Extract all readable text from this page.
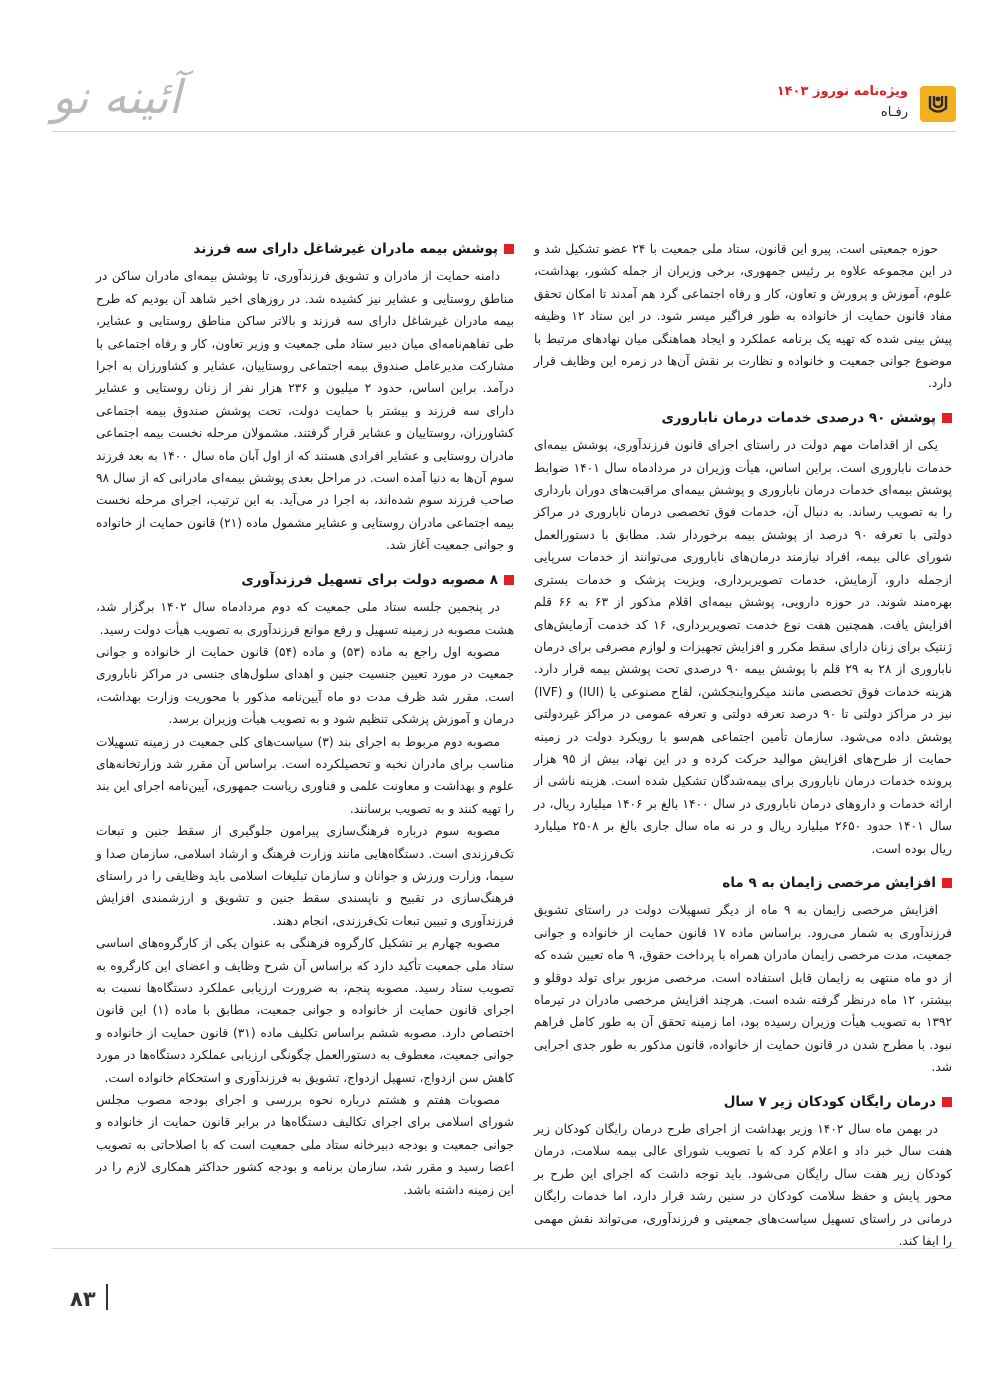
آئینه نو	ویژه‌نامه نوروز ۱۴۰۳
رفـاه

حوزه جمعیتی است. پیرو این قانون، ستاد ملی جمعیت با ۲۴ عضو تشکیل شد و در این مجموعه علاوه بر رئیس جمهوری، برخی وزیران از جمله کشور، بهداشت، علوم، آموزش و پرورش و تعاون، کار و رفاه اجتماعی گرد هم آمدند تا امکان تحقق مفاد قانون حمایت از خانواده به طور فراگیر میسر شود. در این ستاد ۱۲ وظیفه پیش بینی شده که تهیه یک برنامه عملکرد و ایجاد هماهنگی میان نهادهای مرتبط با موضوع جوانی جمعیت و خانواده و نظارت بر نقش آن‌ها در زمره این وظایف قرار دارد.

پوشش ۹۰ درصدی خدمات درمان ناباروری

یکی از اقدامات مهم دولت در راستای اجرای قانون فرزندآوری، پوشش بیمه‌ای خدمات ناباروری است. براین اساس، هیأت وزیران در مردادماه سال ۱۴۰۱ ضوابط پوشش بیمه‌ای خدمات درمان ناباروری و پوشش بیمه‌ای مراقبت‌های دوران بارداری را به تصویب رساند. به دنبال آن، خدمات فوق تخصصی درمان ناباروری در مراکز دولتی با تعرفه ۹۰ درصد از پوشش بیمه برخوردار شد. مطابق با دستورالعمل شورای عالی بیمه، افراد نیازمند درمان‌های ناباروری می‌توانند از خدمات سرپایی ازجمله دارو، آزمایش، خدمات تصویربرداری، ویزیت پزشک و خدمات بستری بهره‌مند شوند. در حوزه دارویی، پوشش بیمه‌ای اقلام مذکور از ۶۳ به ۶۶ قلم افزایش یافت. همچنین هفت نوع خدمت تصویربرداری، ۱۶ کد خدمت آزمایش‌های ژنتیک برای زنان دارای سقط مکرر و افزایش تجهیزات و لوازم مصرفی برای درمان ناباروری از ۲۸ به ۲۹ قلم با پوشش بیمه ۹۰ درصدی تحت پوشش بیمه قرار دارد. هزینه خدمات فوق تخصصی مانند میکرواینجکشن، لقاح مصنوعی یا (IUI) و (IVF) نیز در مراکز دولتی تا ۹۰ درصد تعرفه دولتی و تعرفه عمومی در مراکز غیردولتی پوشش داده می‌شود. سازمان تأمین اجتماعی هم‌سو با رویکرد دولت در زمینه حمایت از طرح‌های افزایش موالید حرکت کرده و در این نهاد، بیش از ۹۵ هزار پرونده خدمات درمان ناباروری برای بیمه‌شدگان تشکیل شده است. هزینه ناشی از ارائه خدمات و داروهای درمان ناباروری در سال ۱۴۰۰ بالغ بر ۱۴۰۶ میلیارد ریال، در سال ۱۴۰۱ حدود ۲۶۵۰ میلیارد ریال و در نه ماه سال جاری بالغ بر ۲۵۰۸ میلیارد ریال بوده است.

افزایش مرخصی زایمان به ۹ ماه

افزایش مرخصی زایمان به ۹ ماه از دیگر تسهیلات دولت در راستای تشویق فرزندآوری به شمار می‌رود. براساس ماده ۱۷ قانون حمایت از خانواده و جوانی جمعیت، مدت مرخصی زایمان مادران همراه با پرداخت حقوق، ۹ ماه تعیین شده که از دو ماه منتهی به زایمان قابل استفاده است. مرخصی مزبور برای تولد دوقلو و بیشتر، ۱۲ ماه درنظر گرفته شده است. هرچند افزایش مرخصی مادران در تیرماه ۱۳۹۲ به تصویب هیأت وزیران رسیده بود، اما زمینه تحقق آن به طور کامل فراهم نبود. با مطرح شدن در قانون حمایت از خانواده، قانون مذکور به طور جدی اجرایی شد.

درمان رایگان کودکان زیر ۷ سال

در بهمن ماه سال ۱۴۰۲ وزیر بهداشت از اجرای طرح درمان رایگان کودکان زیر هفت سال خبر داد و اعلام کرد که با تصویب شورای عالی بیمه سلامت، درمان کودکان زیر هفت سال رایگان می‌شود. باید توجه داشت که اجرای این طرح بر محور پایش و حفظ سلامت کودکان در سنین رشد قرار دارد، اما خدمات رایگان درمانی در راستای تسهیل سیاست‌های جمعیتی و فرزندآوری، می‌تواند نقش مهمی را ایفا کند.

پوشش بیمه مادران غیرشاغل دارای سه فرزند

دامنه حمایت از مادران و تشویق فرزندآوری، تا پوشش بیمه‌ای مادران ساکن در مناطق روستایی و عشایر نیز کشیده شد. در روزهای اخیر شاهد آن بودیم که طرح بیمه مادران غیرشاغل دارای سه فرزند و بالاتر ساکن مناطق روستایی و عشایر، طی تفاهم‌نامه‌ای میان دبیر ستاد ملی جمعیت و وزیر تعاون، کار و رفاه اجتماعی با مشارکت مدیرعامل صندوق بیمه اجتماعی روستاییان، عشایر و کشاورزان به اجرا درآمد. براین اساس، حدود ۲ میلیون و ۲۳۶ هزار نفر از زنان روستایی و عشایر دارای سه فرزند و بیشتر با حمایت دولت، تحت پوشش صندوق بیمه اجتماعی کشاورزان، روستاییان و عشایر قرار گرفتند. مشمولان مرحله نخست بیمه اجتماعی مادران روستایی و عشایر افرادی هستند که از اول آبان ماه سال ۱۴۰۰ به بعد فرزند سوم آن‌ها به دنیا آمده است. در مراحل بعدی پوشش بیمه‌ای مادرانی که از سال ۹۸ صاحب فرزند سوم شده‌اند، به اجرا در می‌آید. به این ترتیب، اجرای مرحله نخست بیمه اجتماعی مادران روستایی و عشایر مشمول ماده (۲۱) قانون حمایت از خانواده و جوانی جمعیت آغاز شد.

۸ مصوبه دولت برای تسهیل فرزندآوری

در پنجمین جلسه ستاد ملی جمعیت که دوم مردادماه سال ۱۴۰۲ برگزار شد، هشت مصوبه در زمینه تسهیل و رفع موانع فرزندآوری به تصویب هیأت دولت رسید.

مصوبه اول راجع به ماده (۵۳) و ماده (۵۴) قانون حمایت از خانواده و جوانی جمعیت در مورد تعیین جنسیت جنین و اهدای سلول‌های جنسی در مراکز ناباروری است. مقرر شد ظرف مدت دو ماه آیین‌نامه مذکور با محوریت وزارت بهداشت، درمان و آموزش پزشکی تنظیم شود و به تصویب هیأت وزیران برسد.

مصوبه دوم مربوط به اجرای بند (۳) سیاست‌های کلی جمعیت در زمینه تسهیلات مناسب برای مادران نخبه و تحصیلکرده است. براساس آن مقرر شد وزارتخانه‌های علوم و بهداشت و معاونت علمی و فناوری ریاست جمهوری، آیین‌نامه اجرای این بند را تهیه کنند و به تصویب برسانند.

مصوبه سوم درباره فرهنگ‌سازی پیرامون جلوگیری از سقط جنین و تبعات تک‌فرزندی است. دستگاه‌هایی مانند وزارت فرهنگ و ارشاد اسلامی، سازمان صدا و سیما، وزارت ورزش و جوانان و سازمان تبلیغات اسلامی باید وظایفی را در راستای فرهنگ‌سازی در تقبیح و ناپسندی سقط جنین و تشویق و ارزشمندی افزایش فرزندآوری و تبیین تبعات تک‌فرزندی، انجام دهند.

مصوبه چهارم بر تشکیل کارگروه فرهنگی به عنوان یکی از کارگروه‌های اساسی ستاد ملی جمعیت تأکید دارد که براساس آن شرح وظایف و اعضای این کارگروه به تصویب ستاد رسید. مصوبه پنجم، به ضرورت ارزیابی عملکرد دستگاه‌ها نسبت به اجرای قانون حمایت از خانواده و جوانی جمعیت، مطابق با ماده (۱) این قانون اختصاص دارد. مصوبه ششم براساس تکلیف ماده (۳۱) قانون حمایت از خانواده و جوانی جمعیت، معطوف به دستورالعمل چگونگی ارزیابی عملکرد دستگاه‌ها در مورد کاهش سن ازدواج، تسهیل ازدواج، تشویق به فرزندآوری و استحکام خانواده است.

مصوبات هفتم و هشتم درباره نحوه بررسی و اجرای بودجه مصوب مجلس شورای اسلامی برای اجرای تکالیف دستگاه‌ها در برابر قانون حمایت از خانواده و جوانی جمعیت و بودجه دبیرخانه ستاد ملی جمعیت است که با اصلاحاتی به تصویب اعضا رسید و مقرر شد، سازمان برنامه و بودجه کشور حداکثر همکاری لازم را در این زمینه داشته باشد.

۸۳
